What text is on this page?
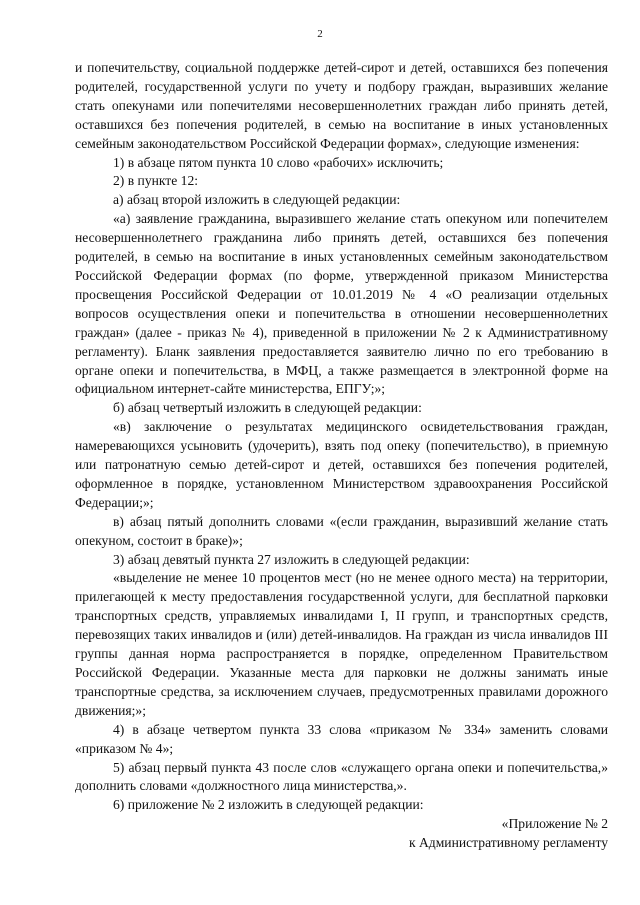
2

и попечительству, социальной поддержке детей-сирот и детей, оставшихся без попечения родителей, государственной услуги по учету и подбору граждан, выразивших желание стать опекунами или попечителями несовершеннолетних граждан либо принять детей, оставшихся без попечения родителей, в семью на воспитание в иных установленных семейным законодательством Российской Федерации формах», следующие изменения:

1) в абзаце пятом пункта 10 слово «рабочих» исключить;

2) в пункте 12:

а) абзац второй изложить в следующей редакции:

«а) заявление гражданина, выразившего желание стать опекуном или попечителем несовершеннолетнего гражданина либо принять детей, оставшихся без попечения родителей, в семью на воспитание в иных установленных семейным законодательством Российской Федерации формах (по форме, утвержденной приказом Министерства просвещения Российской Федерации от 10.01.2019 № 4 «О реализации отдельных вопросов осуществления опеки и попечительства в отношении несовершеннолетних граждан» (далее - приказ № 4), приведенной в приложении № 2 к Административному регламенту). Бланк заявления предоставляется заявителю лично по его требованию в органе опеки и попечительства, в МФЦ, а также размещается в электронной форме на официальном интернет-сайте министерства, ЕПГУ;»;

б) абзац четвертый изложить в следующей редакции:

«в) заключение о результатах медицинского освидетельствования граждан, намеревающихся усыновить (удочерить), взять под опеку (попечительство), в приемную или патронатную семью детей-сирот и детей, оставшихся без попечения родителей, оформленное в порядке, установленном Министерством здравоохранения Российской Федерации;»;

в) абзац пятый дополнить словами «(если гражданин, выразивший желание стать опекуном, состоит в браке)»;

3) абзац девятый пункта 27 изложить в следующей редакции:

«выделение не менее 10 процентов мест (но не менее одного места) на территории, прилегающей к месту предоставления государственной услуги, для бесплатной парковки транспортных средств, управляемых инвалидами I, II групп, и транспортных средств, перевозящих таких инвалидов и (или) детей-инвалидов. На граждан из числа инвалидов III группы данная норма распространяется в порядке, определенном Правительством Российской Федерации. Указанные места для парковки не должны занимать иные транспортные средства, за исключением случаев, предусмотренных правилами дорожного движения;»;

4) в абзаце четвертом пункта 33 слова «приказом № 334» заменить словами «приказом № 4»;

5) абзац первый пункта 43 после слов «служащего органа опеки и попечительства,» дополнить словами «должностного лица министерства,».

6) приложение № 2 изложить в следующей редакции:

«Приложение № 2

к Административному регламенту
